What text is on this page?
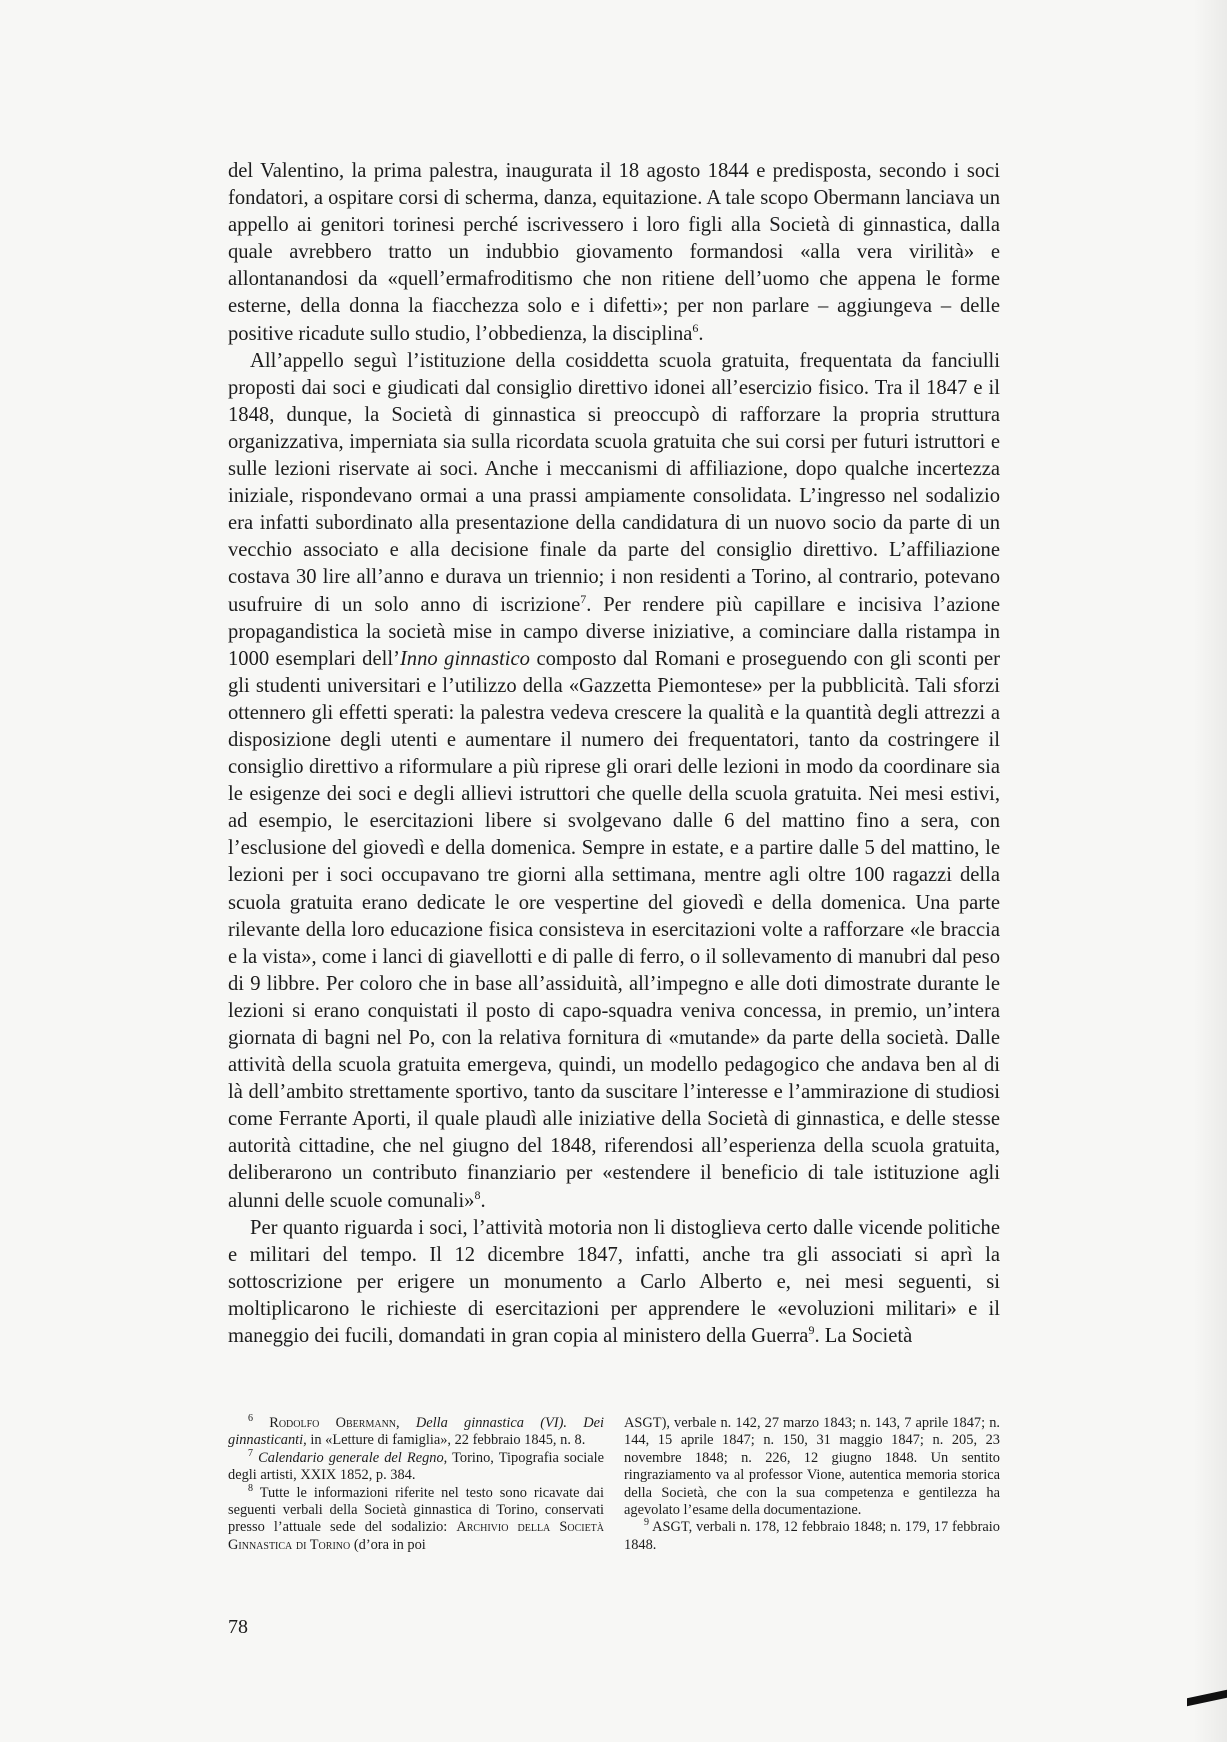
del Valentino, la prima palestra, inaugurata il 18 agosto 1844 e predisposta, secondo i soci fondatori, a ospitare corsi di scherma, danza, equitazione. A tale scopo Obermann lanciava un appello ai genitori torinesi perché iscrivessero i loro figli alla Società di ginnastica, dalla quale avrebbero tratto un indubbio giovamento formandosi «alla vera virilità» e allontanandosi da «quell’ermafroditismo che non ritiene dell’uomo che appena le forme esterne, della donna la fiacchezza solo e i difetti»; per non parlare – aggiungeva – delle positive ricadute sullo studio, l’obbedienza, la disciplina$^6$.

All’appello seguì l’istituzione della cosiddetta scuola gratuita, frequentata da fanciulli proposti dai soci e giudicati dal consiglio direttivo idonei all’esercizio fisico. Tra il 1847 e il 1848, dunque, la Società di ginnastica si preoccupò di rafforzare la propria struttura organizzativa, imperniata sia sulla ricordata scuola gratuita che sui corsi per futuri istruttori e sulle lezioni riservate ai soci. Anche i meccanismi di affiliazione, dopo qualche incertezza iniziale, rispondevano ormai a una prassi ampiamente consolidata. L’ingresso nel sodalizio era infatti subordinato alla presentazione della candidatura di un nuovo socio da parte di un vecchio associato e alla decisione finale da parte del consiglio direttivo. L’affiliazione costava 30 lire all’anno e durava un triennio; i non residenti a Torino, al contrario, potevano usufruire di un solo anno di iscrizione$^7$. Per rendere più capillare e incisiva l’azione propagandistica la società mise in campo diverse iniziative, a cominciare dalla ristampa in 1000 esemplari dell’Inno ginnastico composto dal Romani e proseguendo con gli sconti per gli studenti universitari e l’utilizzo della «Gazzetta Piemontese» per la pubblicità. Tali sforzi ottennero gli effetti sperati: la palestra vedeva crescere la qualità e la quantità degli attrezzi a disposizione degli utenti e aumentare il numero dei frequentatori, tanto da costringere il consiglio direttivo a riformulare a più riprese gli orari delle lezioni in modo da coordinare sia le esigenze dei soci e degli allievi istruttori che quelle della scuola gratuita. Nei mesi estivi, ad esempio, le esercitazioni libere si svolgevano dalle 6 del mattino fino a sera, con l’esclusione del giovedì e della domenica. Sempre in estate, e a partire dalle 5 del mattino, le lezioni per i soci occupavano tre giorni alla settimana, mentre agli oltre 100 ragazzi della scuola gratuita erano dedicate le ore vespertine del giovedì e della domenica. Una parte rilevante della loro educazione fisica consisteva in esercitazioni volte a rafforzare «le braccia e la vista», come i lanci di giavellotti e di palle di ferro, o il sollevamento di manubri dal peso di 9 libbre. Per coloro che in base all’assiduità, all’impegno e alle doti dimostrate durante le lezioni si erano conquistati il posto di capo-squadra veniva concessa, in premio, un’intera giornata di bagni nel Po, con la relativa fornitura di «mutande» da parte della società. Dalle attività della scuola gratuita emergeva, quindi, un modello pedagogico che andava ben al di là dell’ambito strettamente sportivo, tanto da suscitare l’interesse e l’ammirazione di studiosi come Ferrante Aporti, il quale plaudì alle iniziative della Società di ginnastica, e delle stesse autorità cittadine, che nel giugno del 1848, riferendosi all’esperienza della scuola gratuita, deliberarono un contributo finanziario per «estendere il beneficio di tale istituzione agli alunni delle scuole comunali»$^8$.

Per quanto riguarda i soci, l’attività motoria non li distoglieva certo dalle vicende politiche e militari del tempo. Il 12 dicembre 1847, infatti, anche tra gli associati si aprì la sottoscrizione per erigere un monumento a Carlo Alberto e, nei mesi seguenti, si moltiplicarono le richieste di esercitazioni per apprendere le «evoluzioni militari» e il maneggio dei fucili, domandati in gran copia al ministero della Guerra$^9$. La Società

$^6$ Rodolfo Obermann, Della ginnastica (VI). Dei ginnasticanti, in «Letture di famiglia», 22 febbraio 1845, n. 8.

$^7$ Calendario generale del Regno, Torino, Tipografia sociale degli artisti, XXIX 1852, p. 384.

$^8$ Tutte le informazioni riferite nel testo sono ricavate dai seguenti verbali della Società ginnastica di Torino, conservati presso l’attuale sede del sodalizio: Archivio della Società Ginnastica di Torino (d’ora in poi

ASGT), verbale n. 142, 27 marzo 1843; n. 143, 7 aprile 1847; n. 144, 15 aprile 1847; n. 150, 31 maggio 1847; n. 205, 23 novembre 1848; n. 226, 12 giugno 1848. Un sentito ringraziamento va al professor Vione, autentica memoria storica della Società, che con la sua competenza e gentilezza ha agevolato l’esame della documentazione.

$^9$ ASGT, verbali n. 178, 12 febbraio 1848; n. 179, 17 febbraio 1848.

78
